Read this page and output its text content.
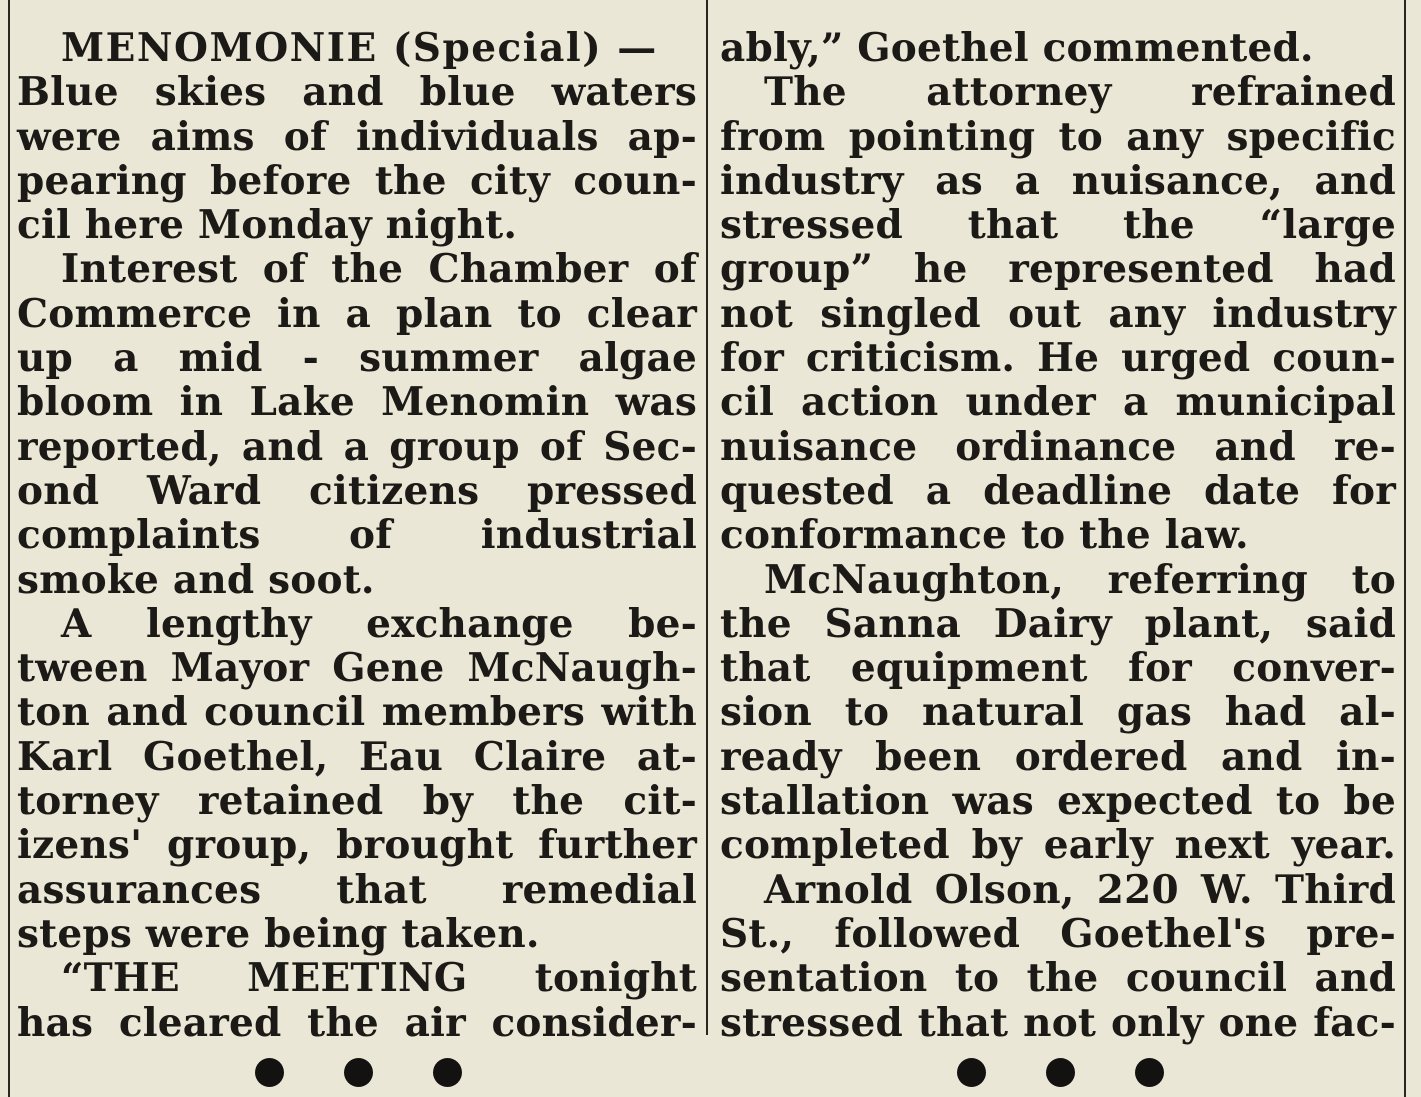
MENOMONIE (Special) —
Blue skies and blue waters
were aims of individuals ap-
pearing before the city coun-
cil here Monday night.
Interest of the Chamber of
Commerce in a plan to clear
up a mid - summer algae
bloom in Lake Menomin was
reported, and a group of Sec-
ond Ward citizens pressed
complaints of industrial
smoke and soot.
A lengthy exchange be-
tween Mayor Gene McNaugh-
ton and council members with
Karl Goethel, Eau Claire at-
torney retained by the cit-
izens' group, brought further
assurances that remedial
steps were being taken.
“THE MEETING tonight
has cleared the air consider-
ably,” Goethel commented.
The attorney refrained
from pointing to any specific
industry as a nuisance, and
stressed that the “large
group” he represented had
not singled out any industry
for criticism. He urged coun-
cil action under a municipal
nuisance ordinance and re-
quested a deadline date for
conformance to the law.
McNaughton, referring to
the Sanna Dairy plant, said
that equipment for conver-
sion to natural gas had al-
ready been ordered and in-
stallation was expected to be
completed by early next year.
Arnold Olson, 220 W. Third
St., followed Goethel's pre-
sentation to the council and
stressed that not only one fac-
